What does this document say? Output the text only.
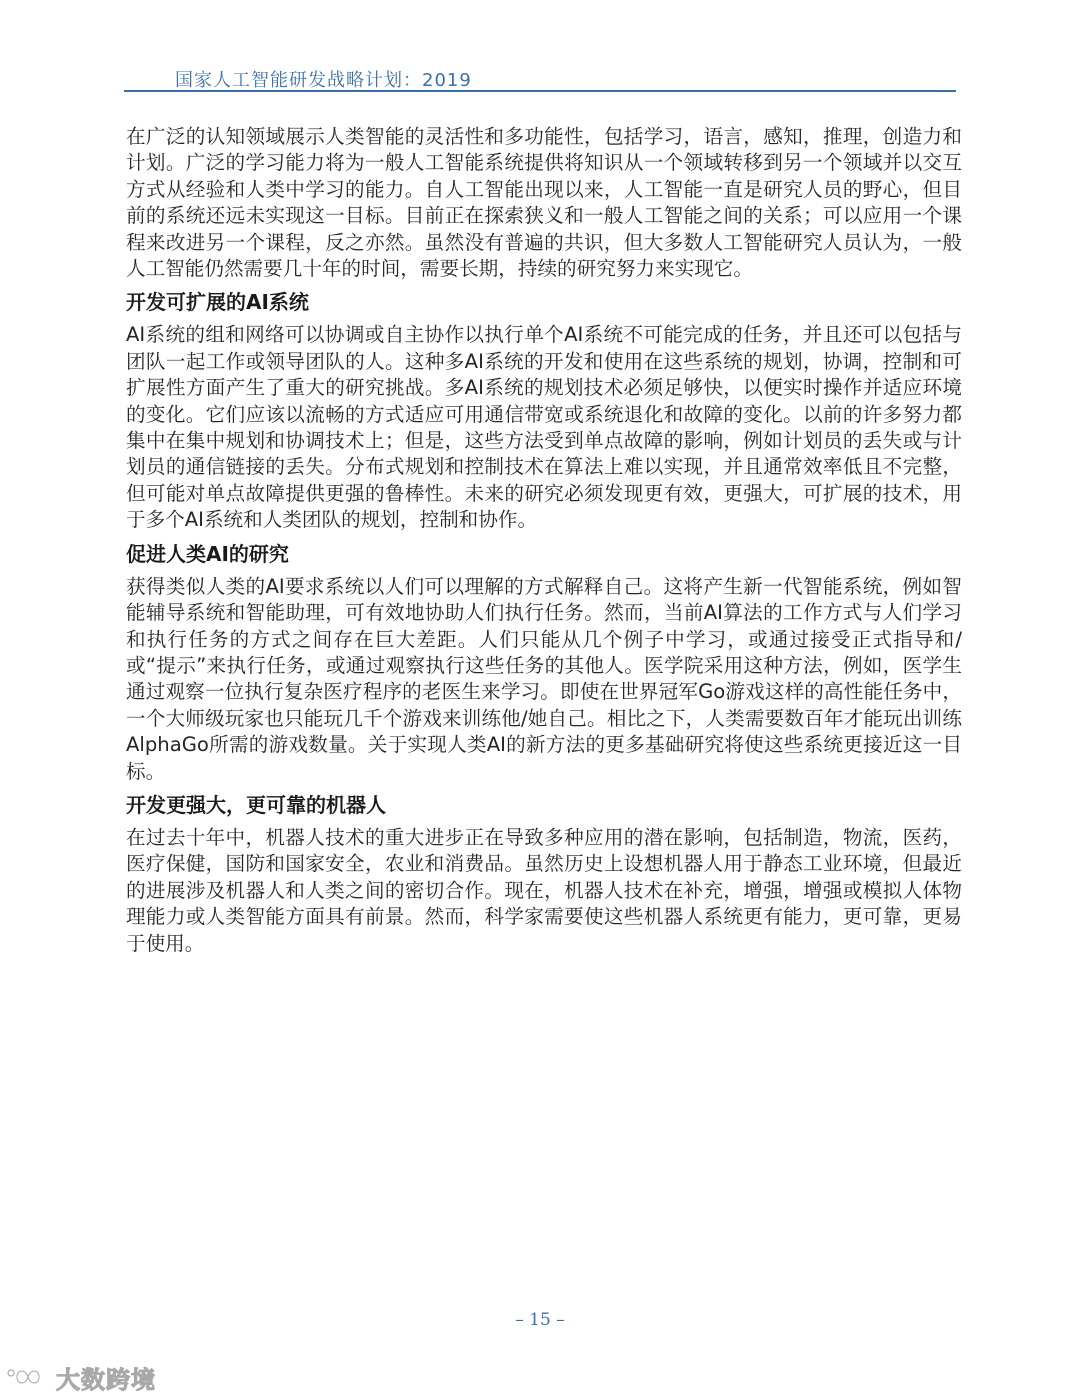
国家人工智能研发战略计划：2019

在广泛的认知领域展示人类智能的灵活性和多功能性，包括学习，语言，感知，推理，创造力和计划。广泛的学习能力将为一般人工智能系统提供将知识从一个领域转移到另一个领域并以交互方式从经验和人类中学习的能力。自人工智能出现以来，人工智能一直是研究人员的野心，但目前的系统还远未实现这一目标。目前正在探索狭义和一般人工智能之间的关系；可以应用一个课程来改进另一个课程，反之亦然。虽然没有普遍的共识，但大多数人工智能研究人员认为，一般人工智能仍然需要几十年的时间，需要长期，持续的研究努力来实现它。

开发可扩展的AI系统

AI系统的组和网络可以协调或自主协作以执行单个AI系统不可能完成的任务，并且还可以包括与团队一起工作或领导团队的人。这种多AI系统的开发和使用在这些系统的规划，协调，控制和可扩展性方面产生了重大的研究挑战。多AI系统的规划技术必须足够快，以便实时操作并适应环境的变化。它们应该以流畅的方式适应可用通信带宽或系统退化和故障的变化。以前的许多努力都集中在集中规划和协调技术上；但是，这些方法受到单点故障的影响，例如计划员的丢失或与计划员的通信链接的丢失。分布式规划和控制技术在算法上难以实现，并且通常效率低且不完整，但可能对单点故障提供更强的鲁棒性。未来的研究必须发现更有效，更强大，可扩展的技术，用于多个AI系统和人类团队的规划，控制和协作。

促进人类AI的研究

获得类似人类的AI要求系统以人们可以理解的方式解释自己。这将产生新一代智能系统，例如智能辅导系统和智能助理，可有效地协助人们执行任务。然而，当前AI算法的工作方式与人们学习和执行任务的方式之间存在巨大差距。人们只能从几个例子中学习，或通过接受正式指导和/或“提示”来执行任务，或通过观察执行这些任务的其他人。医学院采用这种方法，例如，医学生通过观察一位执行复杂医疗程序的老医生来学习。即使在世界冠军Go游戏这样的高性能任务中，一个大师级玩家也只能玩几千个游戏来训练他/她自己。相比之下，人类需要数百年才能玩出训练AlphaGo所需的游戏数量。关于实现人类AI的新方法的更多基础研究将使这些系统更接近这一目标。

开发更强大，更可靠的机器人

在过去十年中，机器人技术的重大进步正在导致多种应用的潜在影响，包括制造，物流，医药，医疗保健，国防和国家安全，农业和消费品。虽然历史上设想机器人用于静态工业环境，但最近的进展涉及机器人和人类之间的密切合作。现在，机器人技术在补充，增强，增强或模拟人体物理能力或人类智能方面具有前景。然而，科学家需要使这些机器人系统更有能力，更可靠，更易于使用。

– 15 –
大数跨境
